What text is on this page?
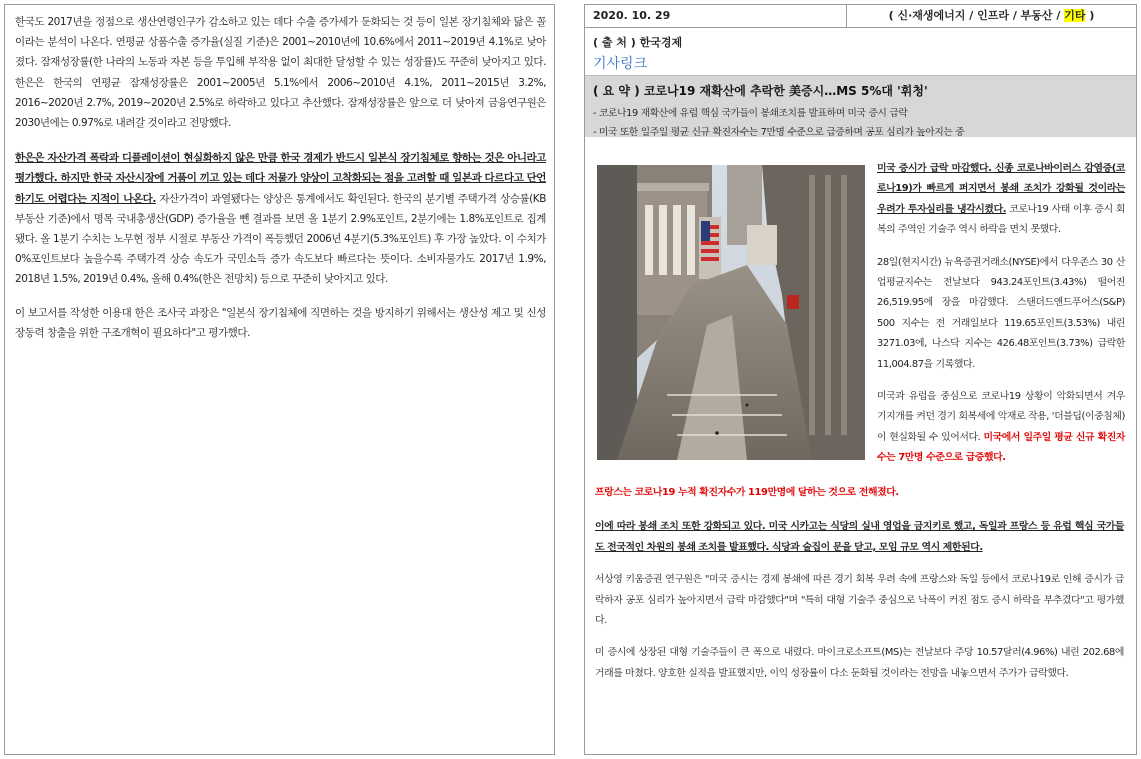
한국도 2017년을 정점으로 생산연령인구가 감소하고 있는 데다 수출 증가세가 둔화되는 것 등이 일본 장기침체와 닮은 꼴이라는 분석이 나온다. 연평균 상품수출 증가율(실질 기준)은 2001~2010년에 10.6%에서 2011~2019년 4.1%로 낮아졌다. 잠재성장률(한 나라의 노동과 자본 등을 투입해 부작용 없이 최대한 달성할 수 있는 성장률)도 꾸준히 낮아지고 있다. 한은은 한국의 연평균 잠재성장률은 2001~2005년 5.1%에서 2006~2010년 4.1%, 2011~2015년 3.2%, 2016~2020년 2.7%, 2019~2020년 2.5%로 하락하고 있다고 추산했다. 잠재성장률은 앞으로 더 낮아져 금융연구원은 2030년에는 0.97%로 내려갈 것이라고 전망했다.

한은은 자산가격 폭락과 디플레이션이 현실화하지 않은 만큼 한국 경제가 반드시 일본식 장기침체로 향하는 것은 아니라고 평가했다. 하지만 한국 자산시장에 거품이 끼고 있는 데다 저물가 양상이 고착화되는 점을 고려할 때 일본과 다르다고 단언하기도 어렵다는 지적이 나온다. 자산가격이 과열됐다는 양상은 통계에서도 확인된다. 한국의 분기별 주택가격 상승률(KB부동산 기준)에서 명목 국내총생산(GDP) 증가율을 뺀 결과를 보면 올 1분기 2.9%포인트, 2분기에는 1.8%포인트로 집계됐다. 올 1분기 수치는 노무현 정부 시절로 부동산 가격이 폭등했던 2006년 4분기(5.3%포인트) 후 가장 높았다. 이 수치가 0%포인트보다 높을수록 주택가격 상승 속도가 국민소득 증가 속도보다 빠르다는 뜻이다. 소비자물가도 2017년 1.9%, 2018년 1.5%, 2019년 0.4%, 올해 0.4%(한은 전망치) 등으로 꾸준히 낮아지고 있다.

이 보고서를 작성한 이용대 한은 조사국 과장은 "일본식 장기침체에 직면하는 것을 방지하기 위해서는 생산성 제고 및 신성장동력 창출을 위한 구조개혁이 필요하다"고 평가했다.

2020. 10. 29	( 신·재생에너지 / 인프라 / 부동산 / 기타 )
( 출 처 ) 한국경제
기사링크
( 요 약 ) 코로나19 재확산에 추락한 美증시…MS 5%대 '휘청'
- 코로나19 재확산에 유럽 핵심 국가들이 봉쇄조치를 발표하며 미국 증시 급락
- 미국 또한 일주일 평균 신규 확진자수는 7만명 수준으로 급증하며 공포 심리가 높아지는 중

미국 증시가 급락 마감했다. 신종 코로나바이러스 감염증(코로나19)가 빠르게 퍼지면서 봉쇄 조치가 강화될 것이라는 우려가 투자심리를 냉각시켰다. 코로나19 사태 이후 증시 회복의 주역인 기술주 역시 하락을 면치 못했다.

28일(현지시간) 뉴욕증권거래소(NYSE)에서 다우존스 30 산업평균지수는 전날보다 943.24포인트(3.43%) 떨어진 26,519.95에 장을 마감했다. 스탠더드앤드푸어스(S&P) 500 지수는 전 거래일보다 119.65포인트(3.53%) 내린 3271.03에, 나스닥 지수는 426.48포인트(3.73%) 급락한 11,004.87을 기록했다.

미국과 유럽을 중심으로 코로나19 상황이 악화되면서 겨우 기지개를 켜던 경기 회복세에 악재로 작용, '더블딥(이중침체)이 현실화될 수 있어서다. 미국에서 일주일 평균 신규 확진자수는 7만명 수준으로 급증했다.

프랑스는 코로나19 누적 확진자수가 119만명에 달하는 것으로 전해졌다.

이에 따라 봉쇄 조치 또한 강화되고 있다. 미국 시카고는 식당의 실내 영업을 금지키로 했고, 독일과 프랑스 등 유럽 핵심 국가들도 전국적인 차원의 봉쇄 조치를 발표했다. 식당과 술집이 문을 닫고, 모임 규모 역시 제한된다.

서상영 키움증권 연구원은 "미국 증시는 경제 봉쇄에 따른 경기 회복 우려 속에 프랑스와 독일 등에서 코로나19로 인해 증시가 급락하자 공포 심리가 높아지면서 급락 마감했다"며 "특히 대형 기술주 중심으로 낙폭이 커진 점도 증시 하락을 부추겼다"고 평가했다.

미 증시에 상장된 대형 기술주들이 큰 폭으로 내렸다. 마이크로소프트(MS)는 전날보다 주당 10.57달러(4.96%) 내린 202.68에 거래를 마쳤다. 양호한 실적을 발표했지만, 이익 성장률이 다소 둔화될 것이라는 전망을 내놓으면서 주가가 급락했다.
